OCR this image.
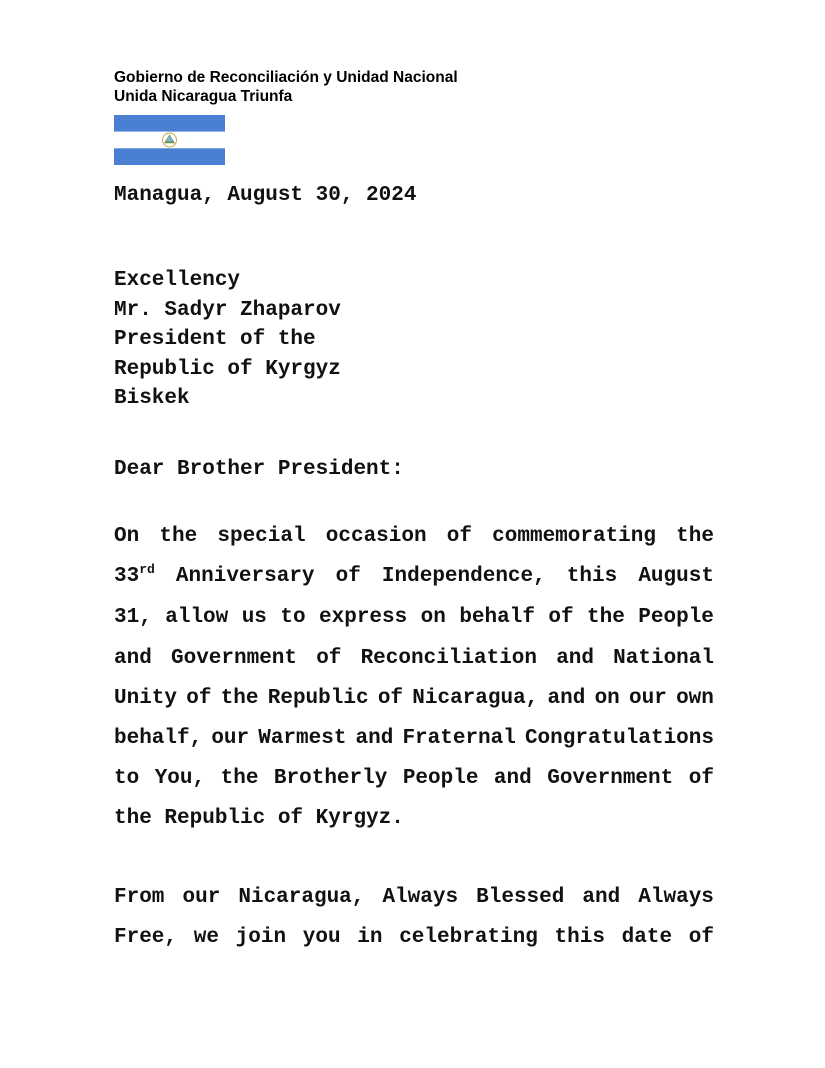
Gobierno de Reconciliación y Unidad Nacional
Unida Nicaragua Triunfa
Managua, August 30, 2024
Excellency
Mr. Sadyr Zhaparov
President of the
Republic of Kyrgyz
Biskek
Dear Brother President:
On the special occasion of commemorating the
33rd Anniversary of Independence, this August
31, allow us to express on behalf of the People
and Government of Reconciliation and National
Unity of the Republic of Nicaragua, and on our own
behalf, our Warmest and Fraternal Congratulations
to You, the Brotherly People and Government of
the Republic of Kyrgyz.
From our Nicaragua, Always Blessed and Always
Free, we join you in celebrating this date of
